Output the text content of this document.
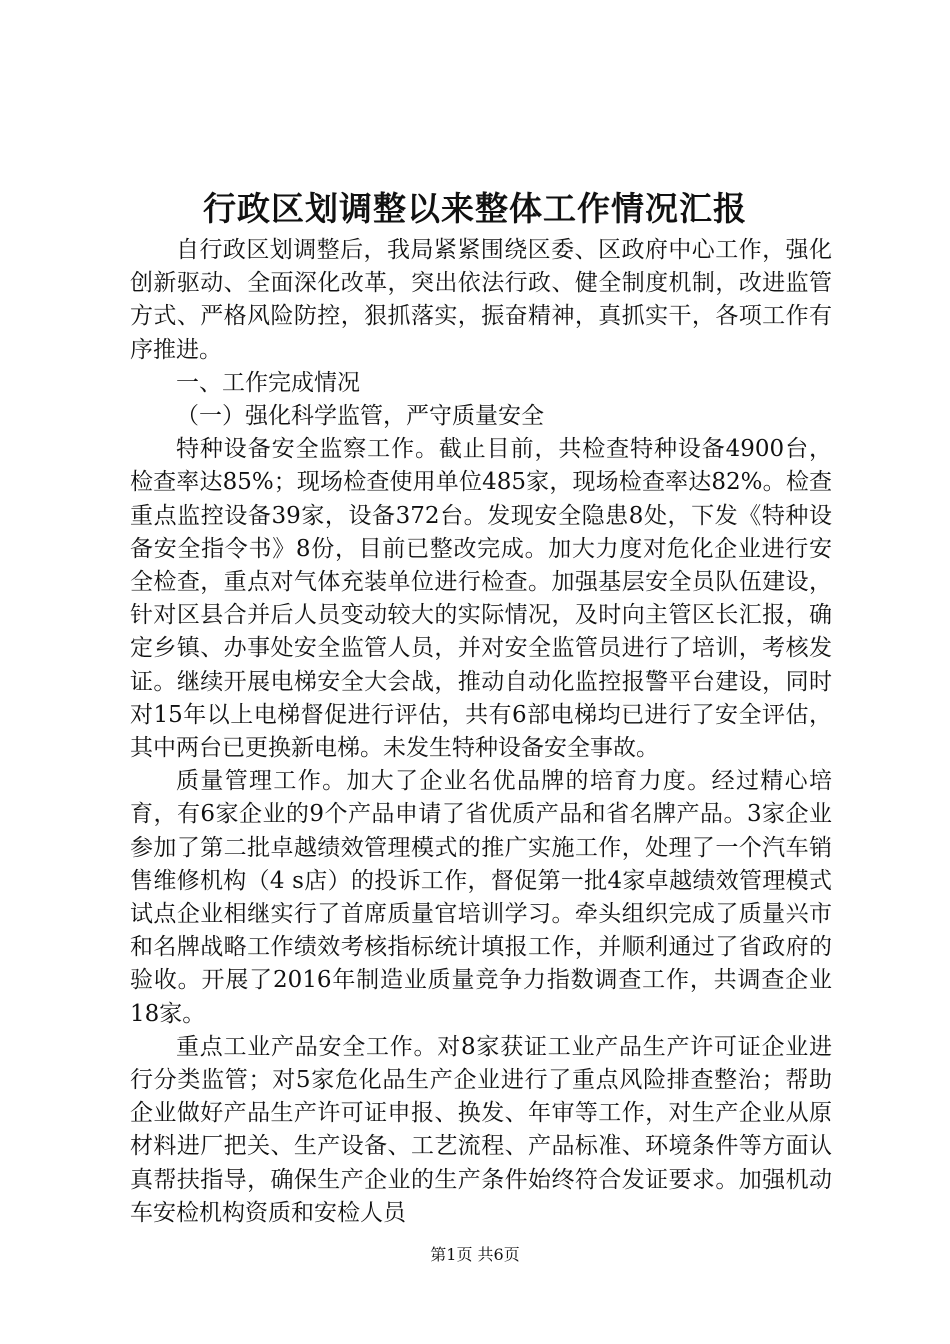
行政区划调整以来整体工作情况汇报

自行政区划调整后，我局紧紧围绕区委、区政府中心工作，强化创新驱动、全面深化改革，突出依法行政、健全制度机制，改进监管方式、严格风险防控，狠抓落实，振奋精神，真抓实干，各项工作有序推进。

一、工作完成情况

（一）强化科学监管，严守质量安全

特种设备安全监察工作。截止目前，共检查特种设备4900台，检查率达85%；现场检查使用单位485家，现场检查率达82%。检查重点监控设备39家，设备372台。发现安全隐患8处，下发《特种设备安全指令书》8份，目前已整改完成。加大力度对危化企业进行安全检查，重点对气体充装单位进行检查。加强基层安全员队伍建设，针对区县合并后人员变动较大的实际情况，及时向主管区长汇报，确定乡镇、办事处安全监管人员，并对安全监管员进行了培训，考核发证。继续开展电梯安全大会战，推动自动化监控报警平台建设，同时对15年以上电梯督促进行评估，共有6部电梯均已进行了安全评估，其中两台已更换新电梯。未发生特种设备安全事故。

质量管理工作。加大了企业名优品牌的培育力度。经过精心培育，有6家企业的9个产品申请了省优质产品和省名牌产品。3家企业参加了第二批卓越绩效管理模式的推广实施工作，处理了一个汽车销售维修机构（4 s店）的投诉工作，督促第一批4家卓越绩效管理模式试点企业相继实行了首席质量官培训学习。牵头组织完成了质量兴市和名牌战略工作绩效考核指标统计填报工作，并顺利通过了省政府的验收。开展了2016年制造业质量竞争力指数调查工作，共调查企业18家。

重点工业产品安全工作。对8家获证工业产品生产许可证企业进行分类监管；对5家危化品生产企业进行了重点风险排查整治；帮助企业做好产品生产许可证申报、换发、年审等工作，对生产企业从原材料进厂把关、生产设备、工艺流程、产品标准、环境条件等方面认真帮扶指导，确保生产企业的生产条件始终符合发证要求。加强机动车安检机构资质和安检人员

第1页 共6页
